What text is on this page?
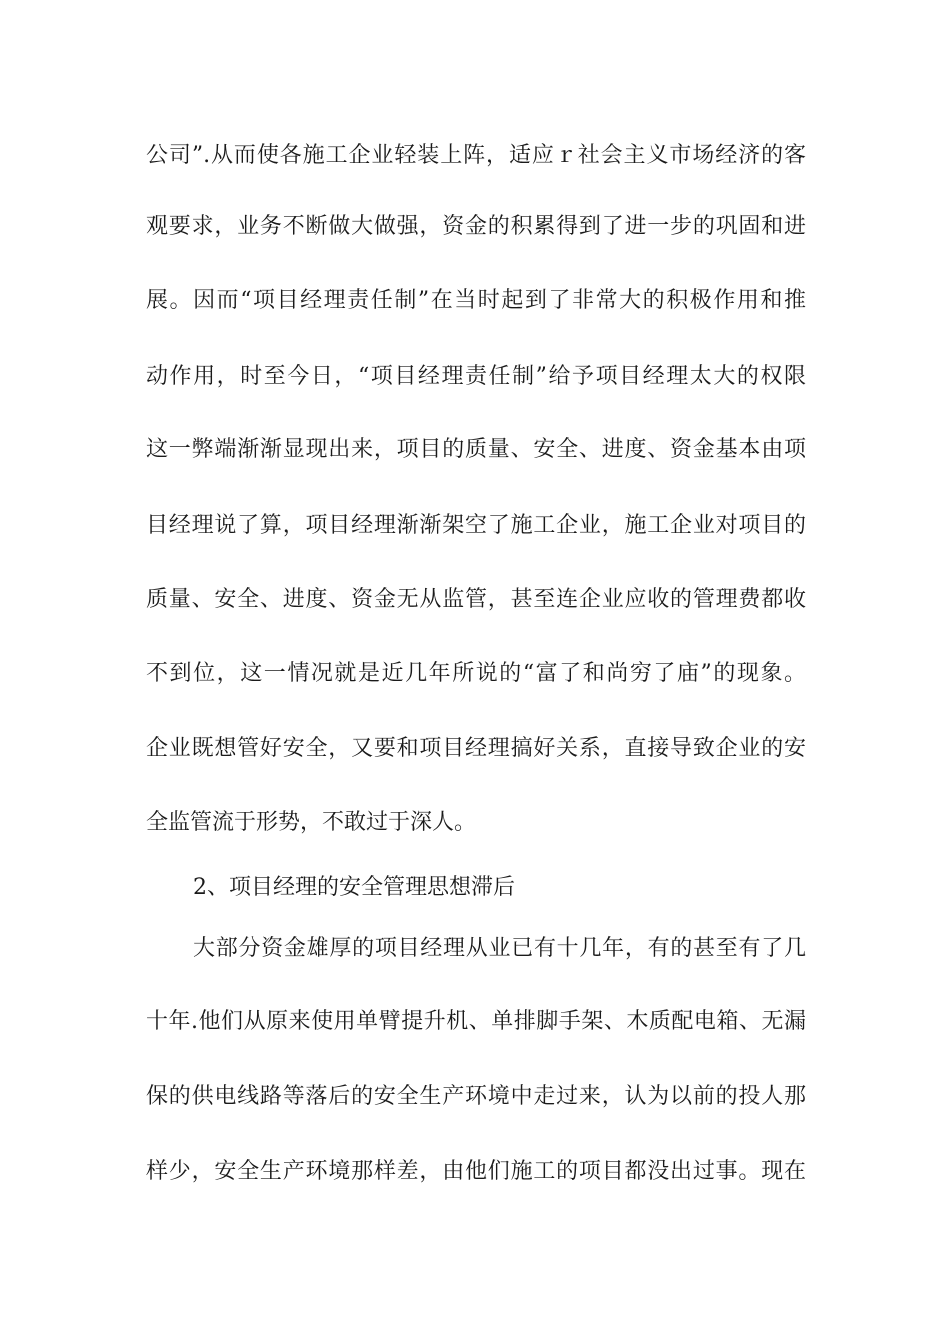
公司”.从而使各施工企业轻装上阵，适应ｒ社会主义市场经济的客
观要求，业务不断做大做强，资金的积累得到了进一步的巩固和进
展。因而“项目经理责任制”在当时起到了非常大的积极作用和推
动作用，时至今日，“项目经理责任制”给予项目经理太大的权限
这一弊端渐渐显现出来，项目的质量、安全、进度、资金基本由项
目经理说了算，项目经理渐渐架空了施工企业，施工企业对项目的
质量、安全、进度、资金无从监管，甚至连企业应收的管理费都收
不到位，这一情况就是近几年所说的“富了和尚穷了庙”的现象。
企业既想管好安全，又要和项目经理搞好关系，直接导致企业的安
全监管流于形势，不敢过于深人。
2、项目经理的安全管理思想滞后
大部分资金雄厚的项目经理从业已有十几年，有的甚至有了几
十年.他们从原来使用单臂提升机、单排脚手架、木质配电箱、无漏
保的供电线路等落后的安全生产环境中走过来，认为以前的投人那
样少，安全生产环境那样差，由他们施工的项目都没出过事。现在
